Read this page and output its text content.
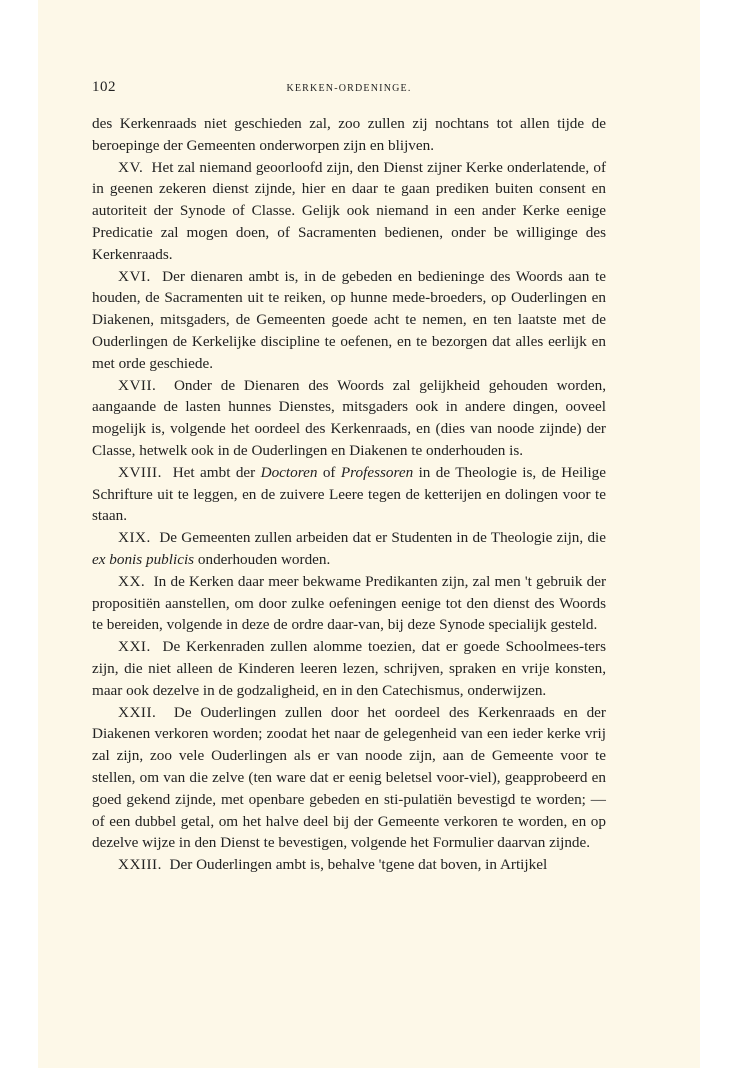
102	KERKEN-ORDENINGE.

des Kerkenraads niet geschieden zal, zoo zullen zij nochtans tot allen tijde de beroepinge der Gemeenten onderworpen zijn en blijven.

XV. Het zal niemand geoorloofd zijn, den Dienst zijner Kerke onderlatende, of in geenen zekeren dienst zijnde, hier en daar te gaan prediken buiten consent en autoriteit der Synode of Classe. Gelijk ook niemand in een ander Kerke eenige Predicatie zal mogen doen, of Sacramenten bedienen, onder be williginge des Kerkenraads.

XVI. Der dienaren ambt is, in de gebeden en bedieninge des Woords aan te houden, de Sacramenten uit te reiken, op hunne mede-broeders, op Ouderlingen en Diakenen, mitsgaders, de Gemeenten goede acht te nemen, en ten laatste met de Ouderlingen de Kerkelijke discipline te oefenen, en te bezorgen dat alles eerlijk en met orde geschiede.

XVII. Onder de Dienaren des Woords zal gelijkheid gehouden worden, aangaande de lasten hunnes Dienstes, mitsgaders ook in andere dingen, ooveel mogelijk is, volgende het oordeel des Kerkenraads, en (dies van noode zijnde) der Classe, hetwelk ook in de Ouderlingen en Diakenen te onderhouden is.

XVIII. Het ambt der Doctoren of Professoren in de Theologie is, de Heilige Schrifture uit te leggen, en de zuivere Leere tegen de ketterijen en dolingen voor te staan.

XIX. De Gemeenten zullen arbeiden dat er Studenten in de Theologie zijn, die ex bonis publicis onderhouden worden.

XX. In de Kerken daar meer bekwame Predikanten zijn, zal men 't gebruik der propositiën aanstellen, om door zulke oefeningen eenige tot den dienst des Woords te bereiden, volgende in deze de ordre daar-van, bij deze Synode specialijk gesteld.

XXI. De Kerkenraden zullen alomme toezien, dat er goede Schoolmees-ters zijn, die niet alleen de Kinderen leeren lezen, schrijven, spraken en vrije konsten, maar ook dezelve in de godzaligheid, en in den Catechismus, onderwijzen.

XXII. De Ouderlingen zullen door het oordeel des Kerkenraads en der Diakenen verkoren worden; zoodat het naar de gelegenheid van een ieder kerke vrij zal zijn, zoo vele Ouderlingen als er van noode zijn, aan de Gemeente voor te stellen, om van die zelve (ten ware dat er eenig beletsel voor-viel), geapprobeerd en goed gekend zijnde, met openbare gebeden en sti-pulatiën bevestigd te worden; — of een dubbel getal, om het halve deel bij der Gemeente verkoren te worden, en op dezelve wijze in den Dienst te bevestigen, volgende het Formulier daarvan zijnde.

XXIII. Der Ouderlingen ambt is, behalve 'tgene dat boven, in Artijkel
